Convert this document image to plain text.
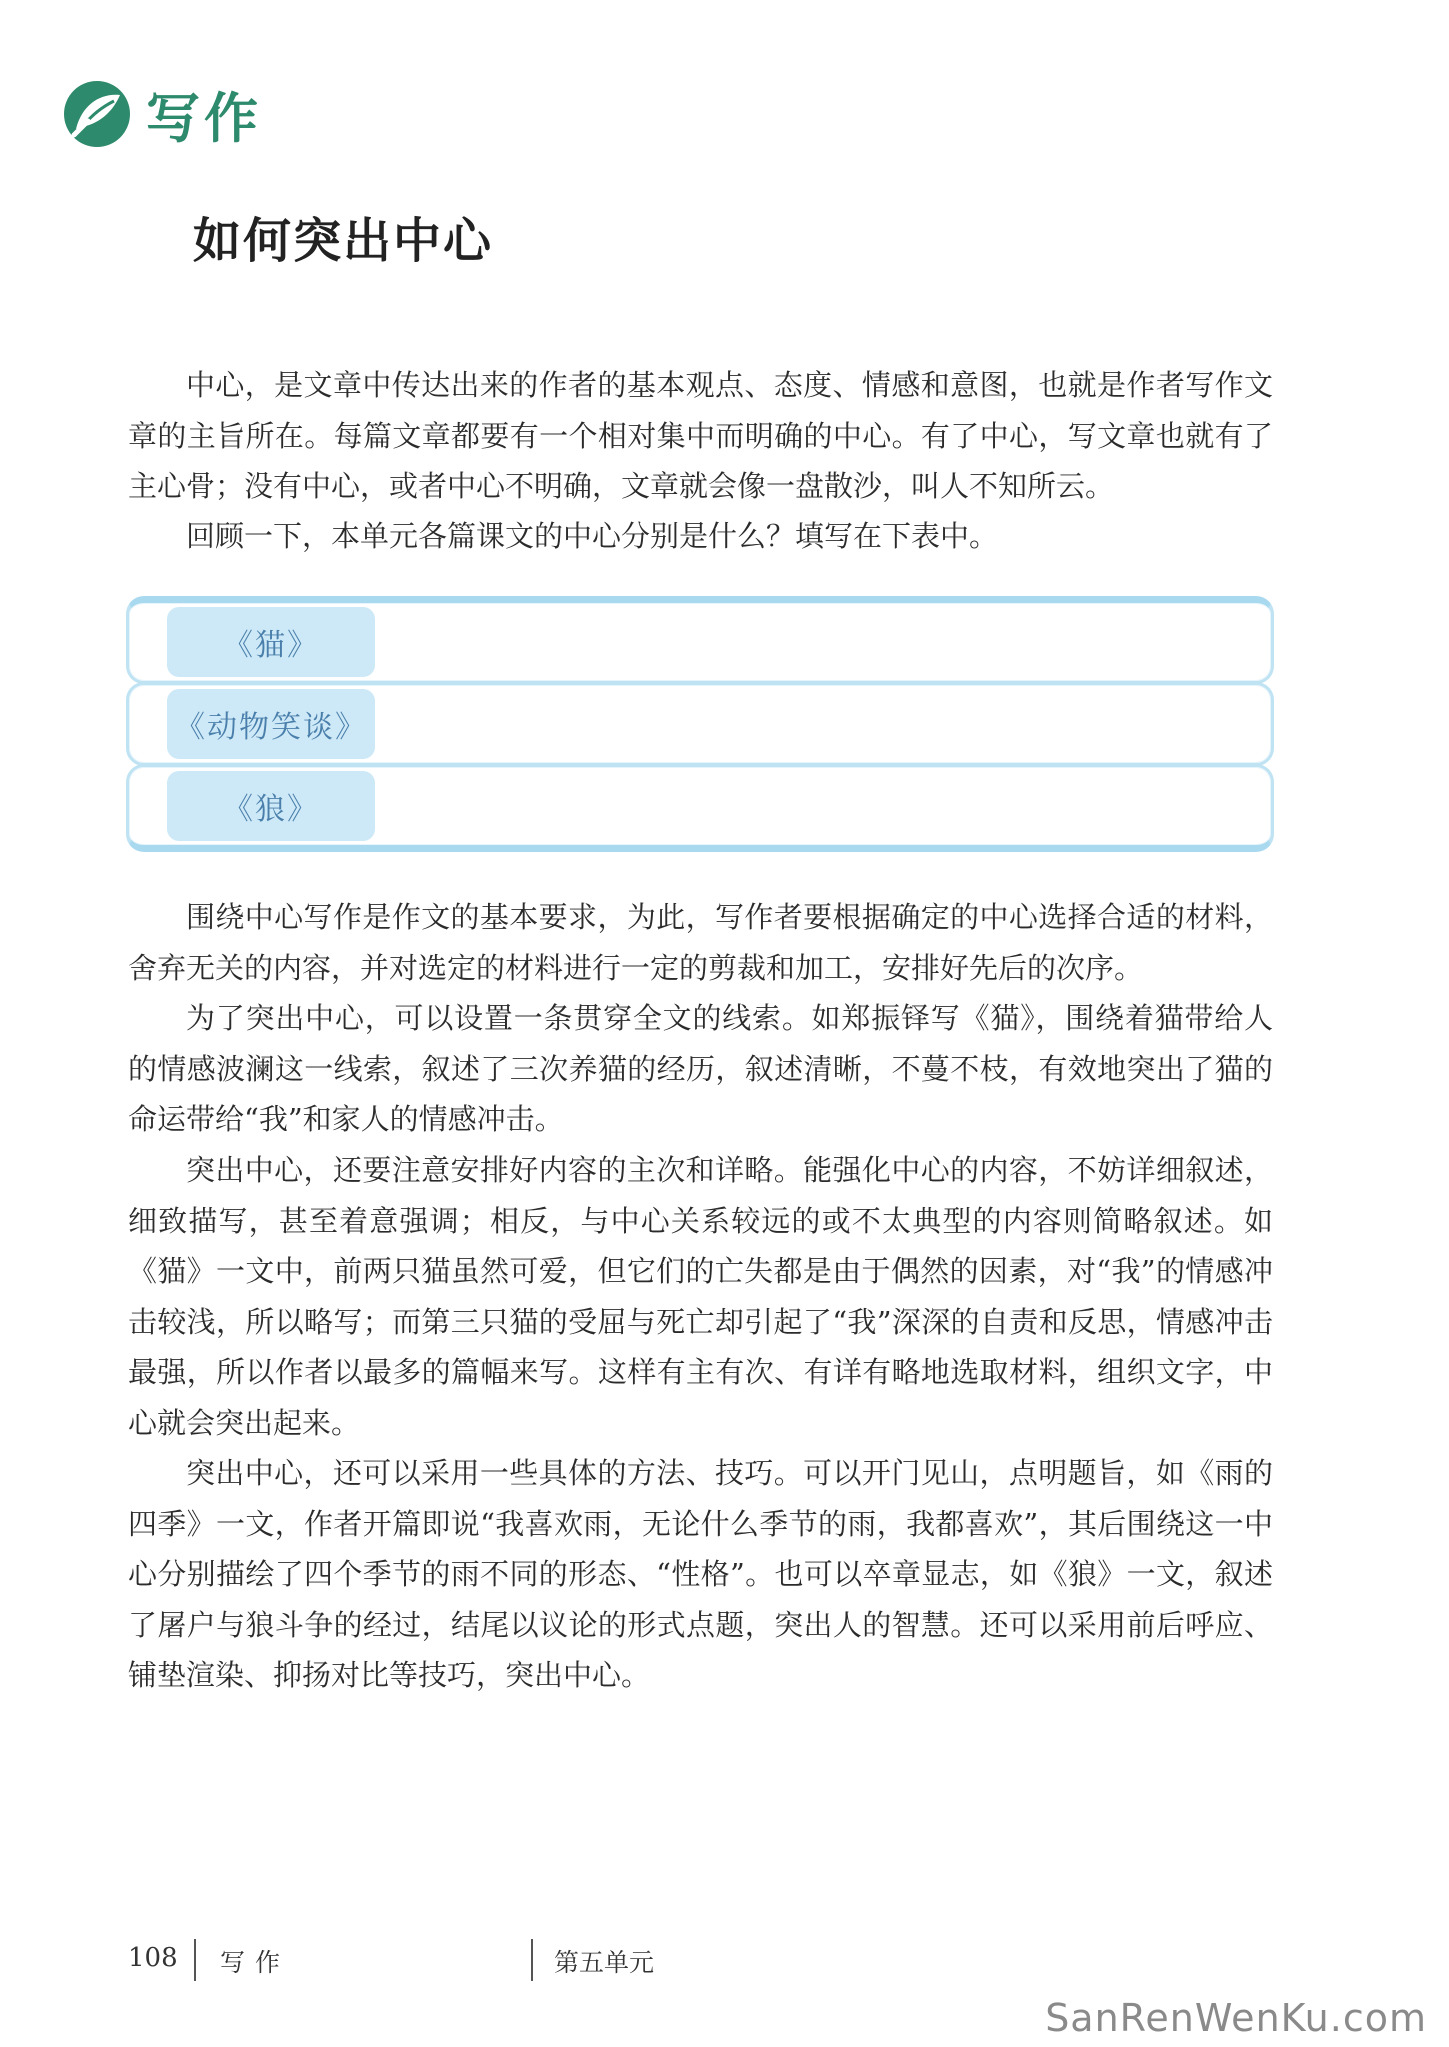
写作
如何突出中心

中心，是文章中传达出来的作者的基本观点、态度、情感和意图，也就是作者写作文章的主旨所在。每篇文章都要有一个相对集中而明确的中心。有了中心，写文章也就有了主心骨；没有中心，或者中心不明确，文章就会像一盘散沙，叫人不知所云。

回顾一下，本单元各篇课文的中心分别是什么？填写在下表中。

《猫》
《动物笑谈》
《狼》

围绕中心写作是作文的基本要求，为此，写作者要根据确定的中心选择合适的材料，舍弃无关的内容，并对选定的材料进行一定的剪裁和加工，安排好先后的次序。

为了突出中心，可以设置一条贯穿全文的线索。如郑振铎写《猫》，围绕着猫带给人的情感波澜这一线索，叙述了三次养猫的经历，叙述清晰，不蔓不枝，有效地突出了猫的命运带给“我”和家人的情感冲击。

突出中心，还要注意安排好内容的主次和详略。能强化中心的内容，不妨详细叙述，细致描写，甚至着意强调；相反，与中心关系较远的或不太典型的内容则简略叙述。如《猫》一文中，前两只猫虽然可爱，但它们的亡失都是由于偶然的因素，对“我”的情感冲击较浅，所以略写；而第三只猫的受屈与死亡却引起了“我”深深的自责和反思，情感冲击最强，所以作者以最多的篇幅来写。这样有主有次、有详有略地选取材料，组织文字，中心就会突出起来。

突出中心，还可以采用一些具体的方法、技巧。可以开门见山，点明题旨，如《雨的四季》一文，作者开篇即说“我喜欢雨，无论什么季节的雨，我都喜欢”，其后围绕这一中心分别描绘了四个季节的雨不同的形态、“性格”。也可以卒章显志，如《狼》一文，叙述了屠户与狼斗争的经过，结尾以议论的形式点题，突出人的智慧。还可以采用前后呼应、铺垫渲染、抑扬对比等技巧，突出中心。

108 写作	第五单元
SanRenWenKu.com
